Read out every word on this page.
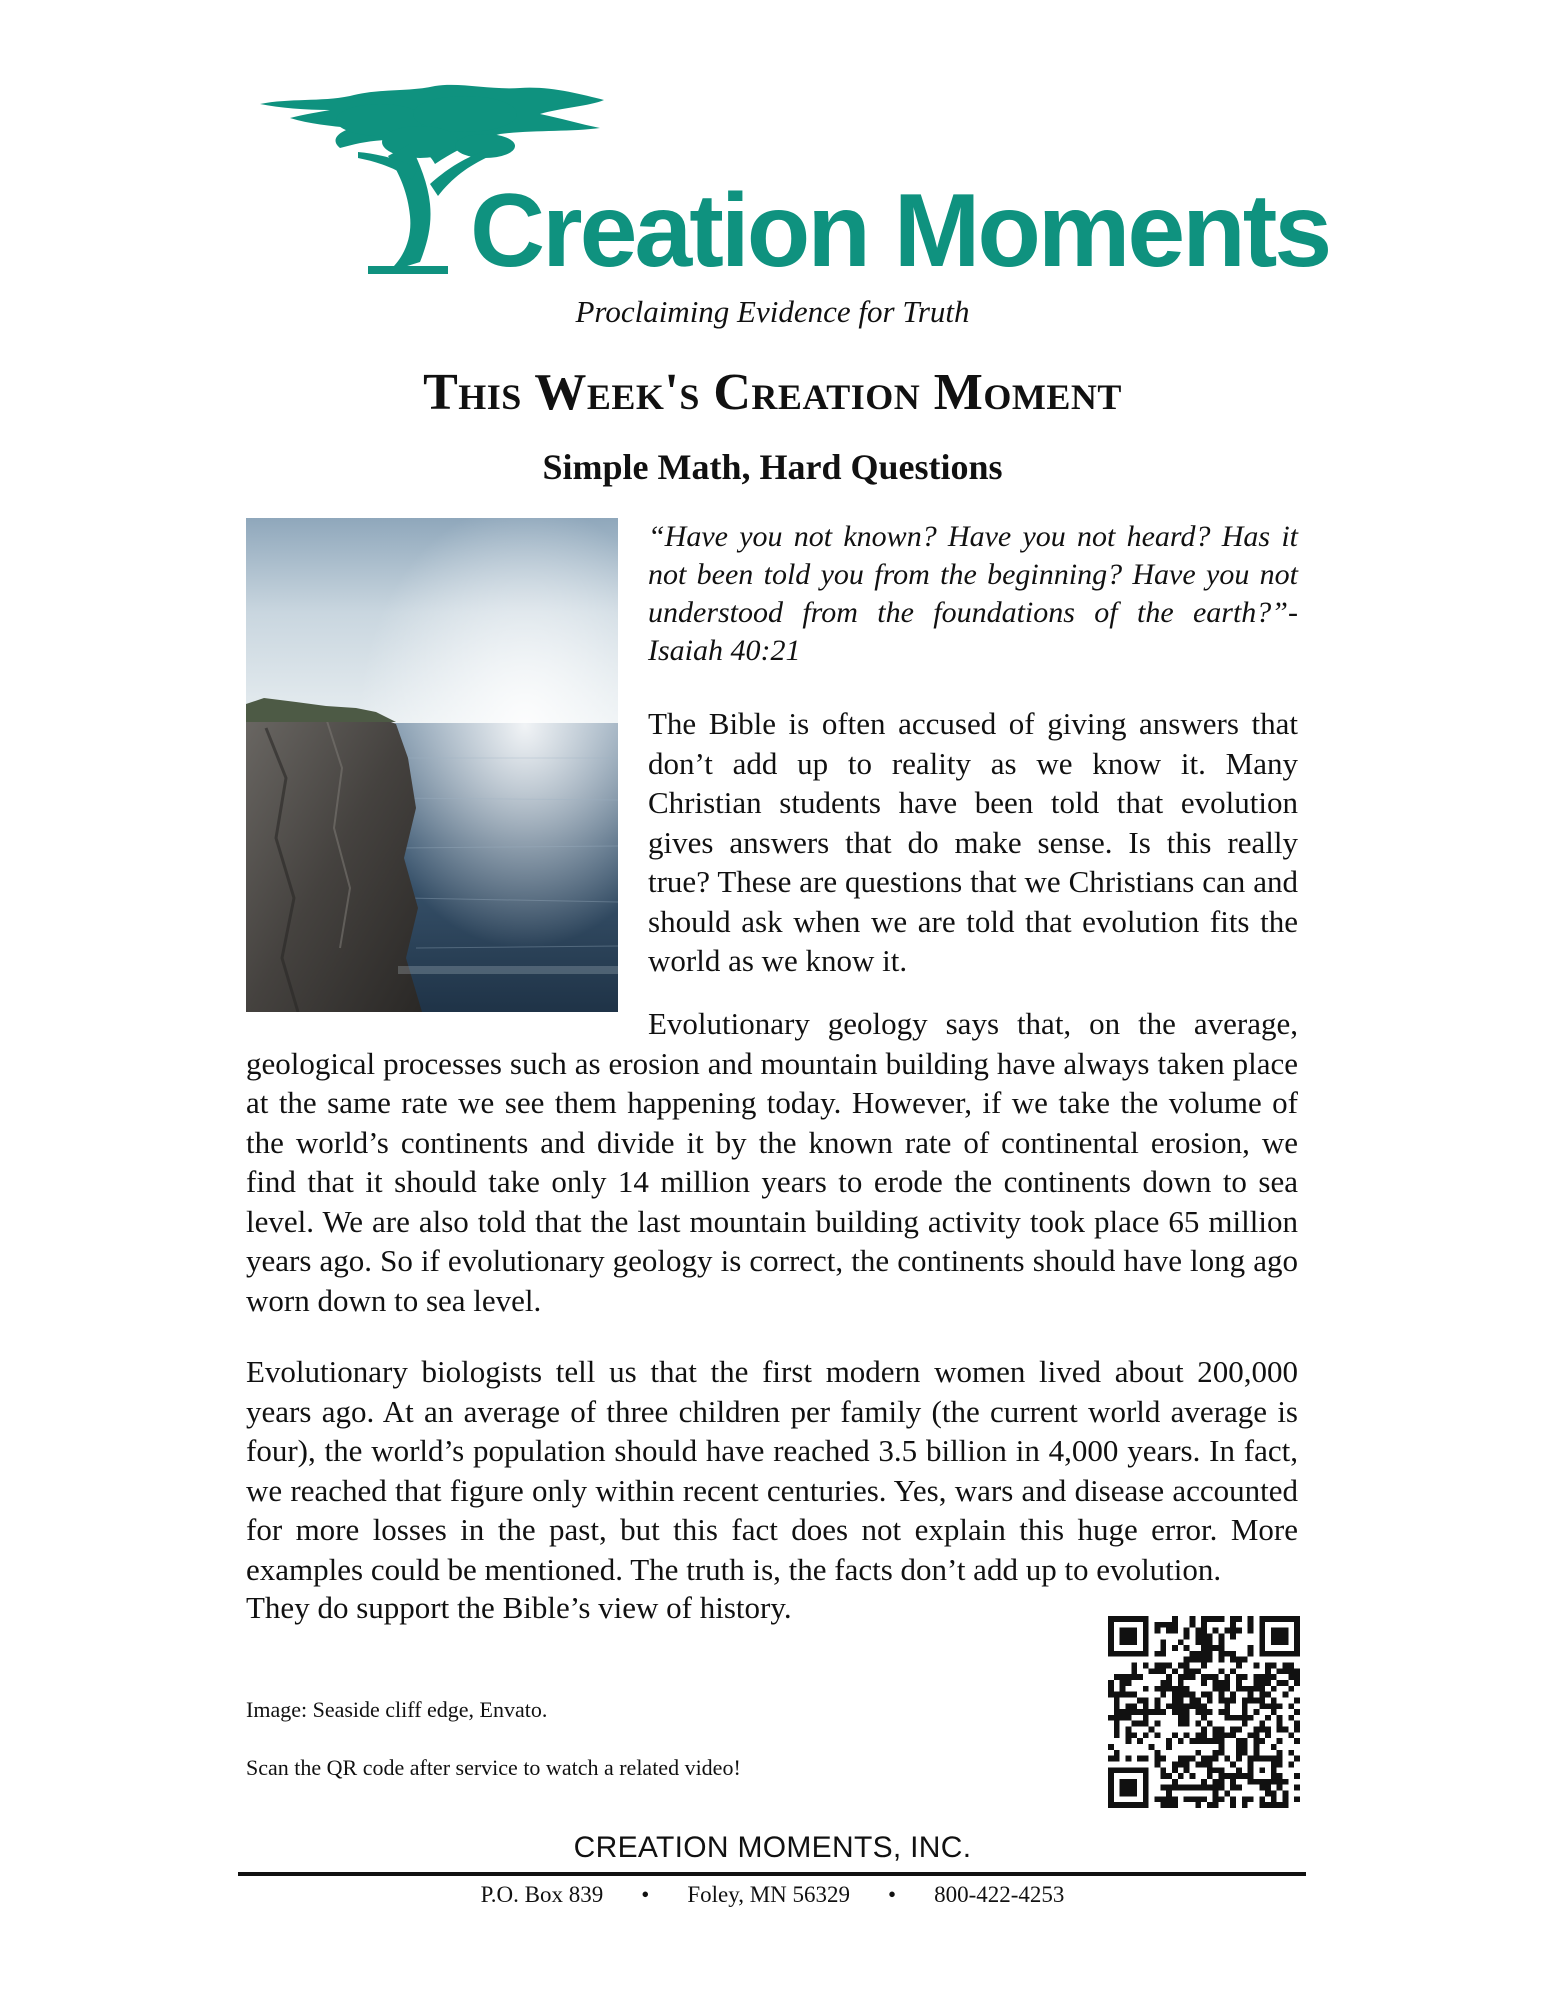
Creation Moments
Proclaiming Evidence for Truth
This Week's Creation Moment
Simple Math, Hard Questions

“Have you not known? Have you not heard? Has it not been told you from the beginning? Have you not understood from the foundations of the earth?”- Isaiah 40:21

The Bible is often accused of giving answers that don’t add up to reality as we know it. Many Christian students have been told that evolution gives answers that do make sense. Is this really true? These are questions that we Christians can and should ask when we are told that evolution fits the world as we know it.

Evolutionary geology says that, on the average, geological processes such as erosion and mountain building have always taken place at the same rate we see them happening today. However, if we take the volume of the world’s continents and divide it by the known rate of continental erosion, we find that it should take only 14 million years to erode the continents down to sea level. We are also told that the last mountain building activity took place 65 million years ago. So if evolutionary geology is correct, the continents should have long ago worn down to sea level.

Evolutionary biologists tell us that the first modern women lived about 200,000 years ago. At an average of three children per family (the current world average is four), the world’s population should have reached 3.5 billion in 4,000 years. In fact, we reached that figure only within recent centuries. Yes, wars and disease accounted for more losses in the past, but this fact does not explain this huge error. More examples could be mentioned. The truth is, the facts don’t add up to evolution.

They do support the Bible’s view of history.

Image: Seaside cliff edge, Envato.
Scan the QR code after service to watch a related video!
CREATION MOMENTS, INC.
P.O. Box 839 • Foley, MN 56329 • 800-422-4253
